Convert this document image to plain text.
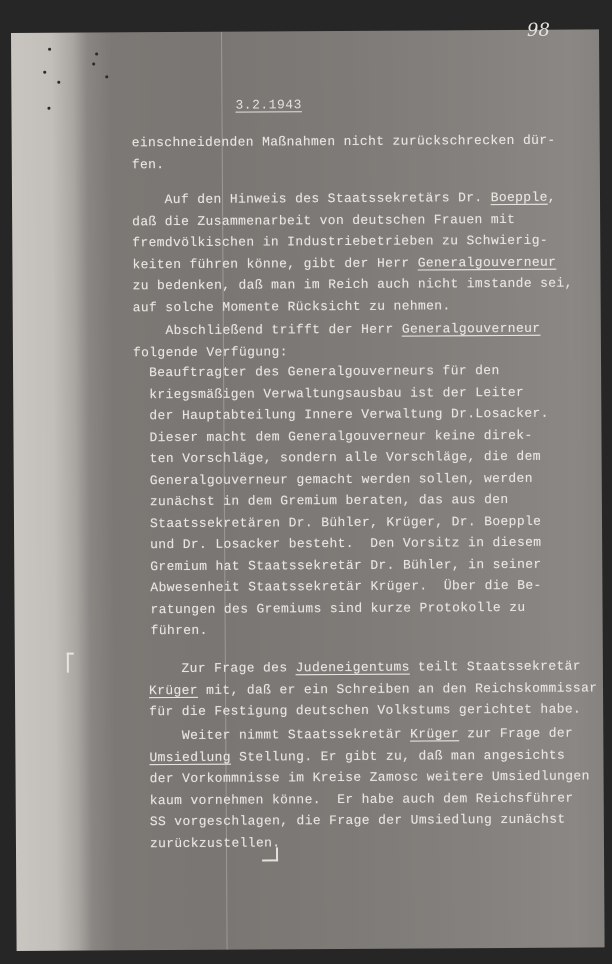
98
3.2.1943
einschneidenden Maßnahmen nicht zurückschrecken dür-
fen.
Auf den Hinweis des Staatssekretärs Dr. Boepple,
daß die Zusammenarbeit von deutschen Frauen mit
fremdvölkischen in Industriebetrieben zu Schwierig-
keiten führen könne, gibt der Herr Generalgouverneur
zu bedenken, daß man im Reich auch nicht imstande sei,
auf solche Momente Rücksicht zu nehmen.
Abschließend trifft der Herr Generalgouverneur
folgende Verfügung:
Beauftragter des Generalgouverneurs für den
kriegsmäßigen Verwaltungsausbau ist der Leiter
der Hauptabteilung Innere Verwaltung Dr.Losacker.
Dieser macht dem Generalgouverneur keine direk-
ten Vorschläge, sondern alle Vorschläge, die dem
Generalgouverneur gemacht werden sollen, werden
zunächst in dem Gremium beraten, das aus den
Staatssekretären Dr. Bühler, Krüger, Dr. Boepple
und Dr. Losacker besteht.  Den Vorsitz in diesem
Gremium hat Staatssekretär Dr. Bühler, in seiner
Abwesenheit Staatssekretär Krüger.  Über die Be-
ratungen des Gremiums sind kurze Protokolle zu
führen.
Zur Frage des Judeneigentums teilt Staatssekretär
Krüger mit, daß er ein Schreiben an den Reichskommissar
für die Festigung deutschen Volkstums gerichtet habe.
Weiter nimmt Staatssekretär Krüger zur Frage der
Umsiedlung Stellung. Er gibt zu, daß man angesichts
der Vorkommnisse im Kreise Zamosc weitere Umsiedlungen
kaum vornehmen könne.  Er habe auch dem Reichsführer
SS vorgeschlagen, die Frage der Umsiedlung zunächst
zurückzustellen.
